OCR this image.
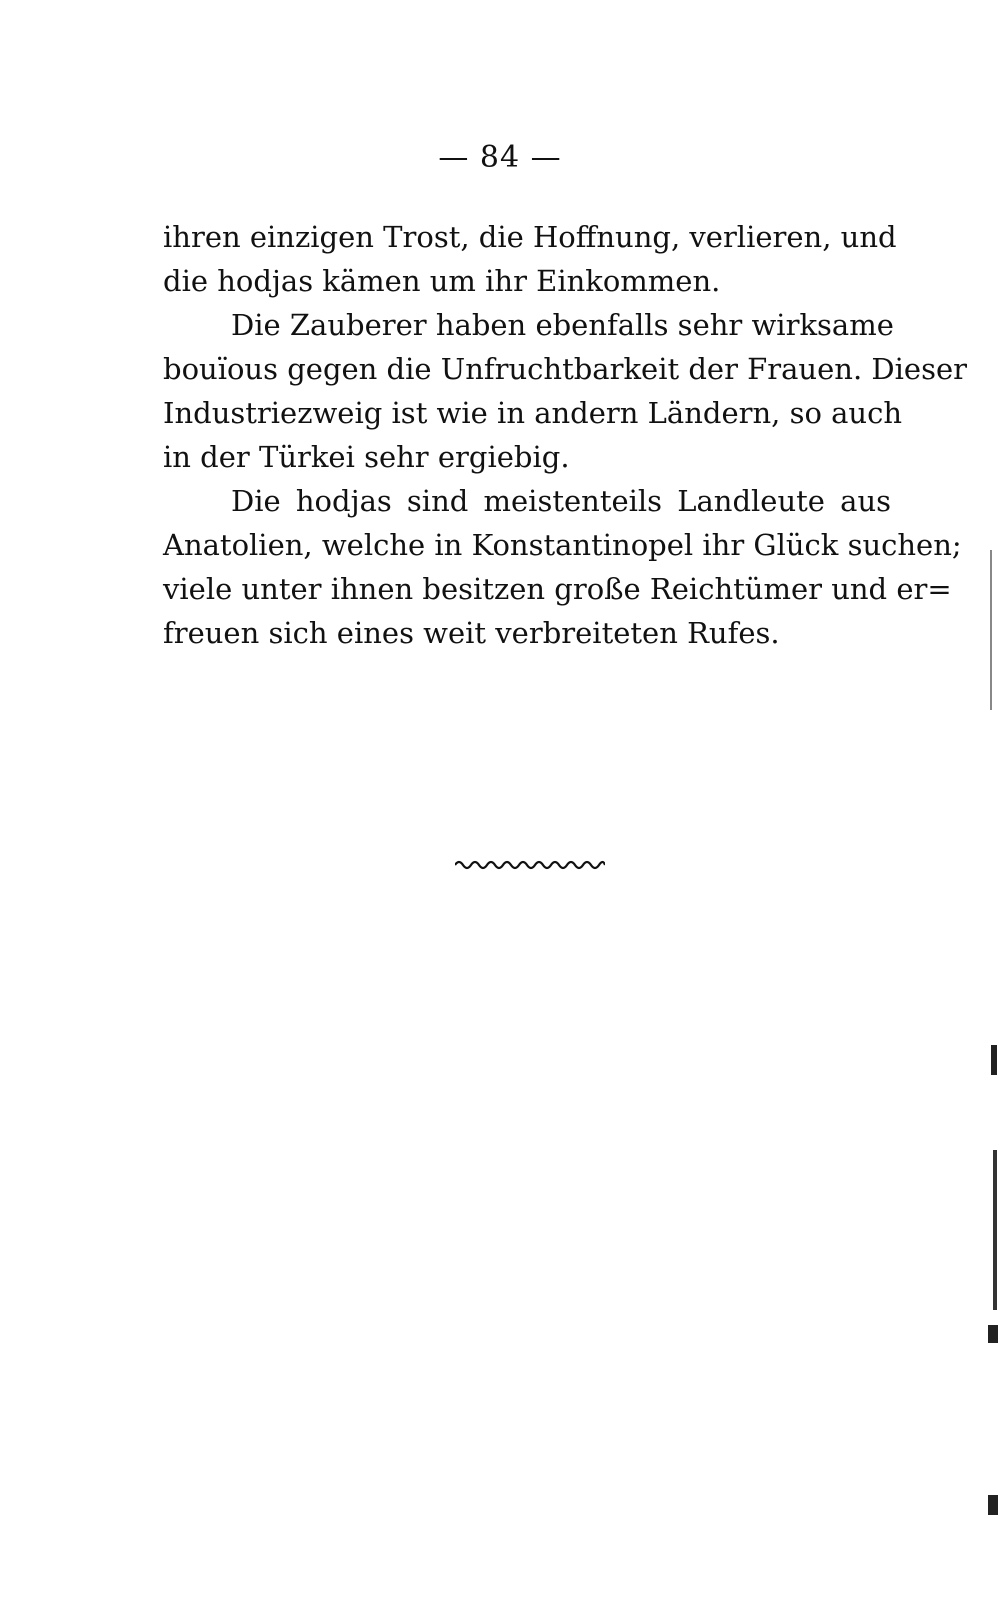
— 84 —
ihren einzigen Trost, die Hoffnung, verlieren, und
die hodjas kämen um ihr Einkommen.
Die Zauberer haben ebenfalls sehr wirksame
bouïous gegen die Unfruchtbarkeit der Frauen. Dieser
Industriezweig ist wie in andern Ländern, so auch
in der Türkei sehr ergiebig.
Die hodjas sind meistenteils Landleute aus
Anatolien, welche in Konstantinopel ihr Glück suchen;
viele unter ihnen besitzen große Reichtümer und er=
freuen sich eines weit verbreiteten Rufes.
